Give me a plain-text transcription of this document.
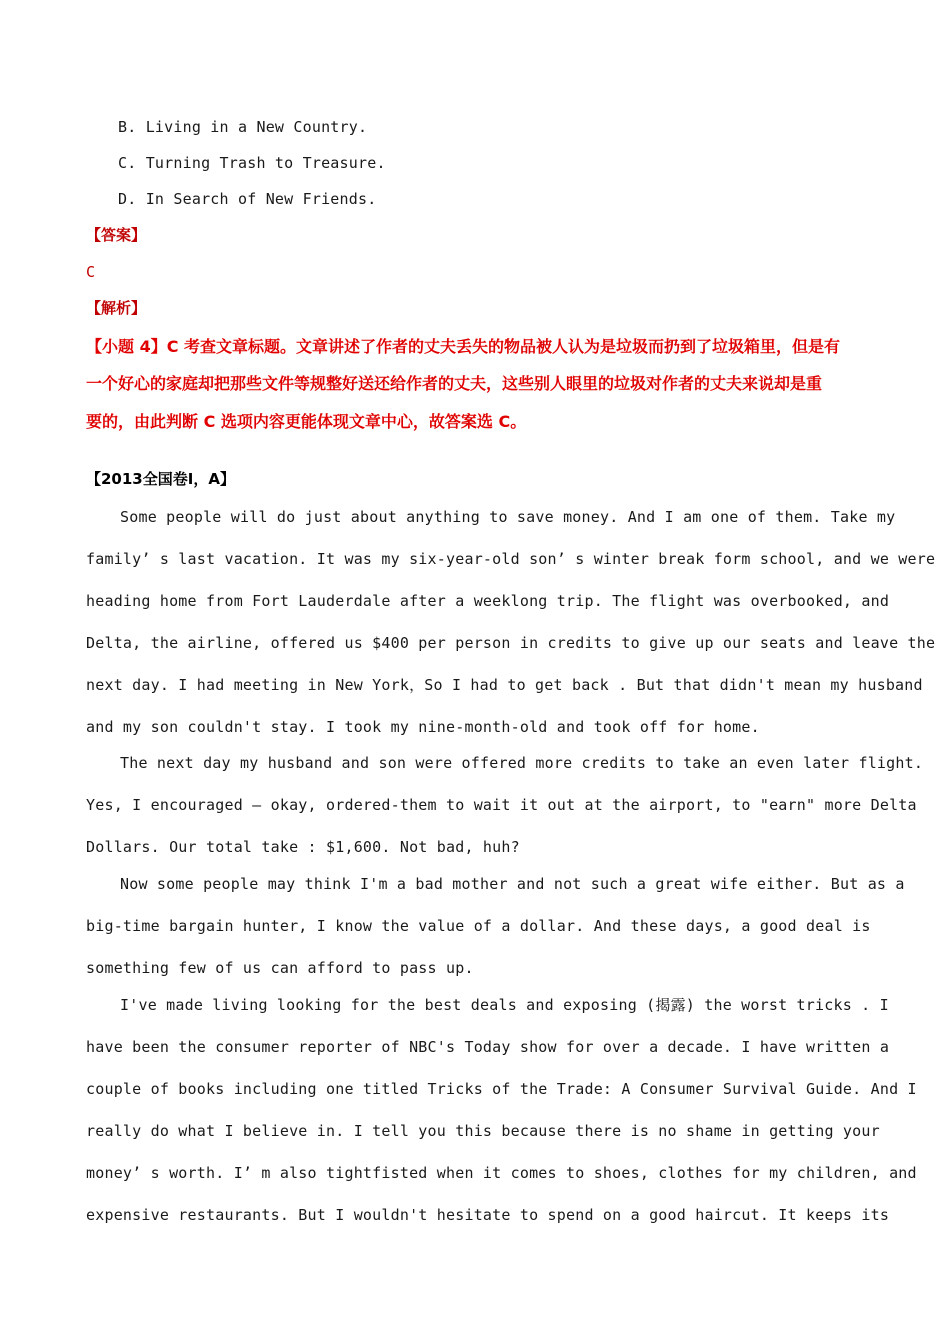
B. Living in a New Country.
C. Turning Trash to Treasure.
D. In Search of New Friends.
【答案】
C
【解析】
【小题 4】C 考查文章标题。文章讲述了作者的丈夫丢失的物品被人认为是垃圾而扔到了垃圾箱里，但是有
一个好心的家庭却把那些文件等规整好送还给作者的丈夫，这些别人眼里的垃圾对作者的丈夫来说却是重
要的，由此判断 C 选项内容更能体现文章中心，故答案选 C。
【2013全国卷Ⅰ，A】
Some people will do just about anything to save money. And I am one of them. Take my
family’ s last vacation. It was my six-year-old son’ s winter break form school, and we were
heading home from Fort Lauderdale after a weeklong trip. The flight was overbooked, and
Delta, the airline, offered us $400 per person in credits to give up our seats and leave the
next day. I had meeting in New York，So I had to get back . But that didn't mean my husband
and my son couldn't stay. I took my nine-month-old and took off for home.
The next day my husband and son were offered more credits to take an even later flight.
Yes, I encouraged — okay, ordered-them to wait it out at the airport, to "earn" more Delta
Dollars. Our total take : $1,600. Not bad, huh?
Now some people may think I'm a bad mother and not such a great wife either. But as a
big-time bargain hunter, I know the value of a dollar. And these days, a good deal is
something few of us can afford to pass up.
I've made living looking for the best deals and exposing (揭露) the worst tricks . I
have been the consumer reporter of NBC's Today show for over a decade. I have written a
couple of books including one titled Tricks of the Trade: A Consumer Survival Guide. And I
really do what I believe in. I tell you this because there is no shame in getting your
money’ s worth. I’ m also tightfisted when it comes to shoes, clothes for my children, and
expensive restaurants. But I wouldn't hesitate to spend on a good haircut. It keeps its
